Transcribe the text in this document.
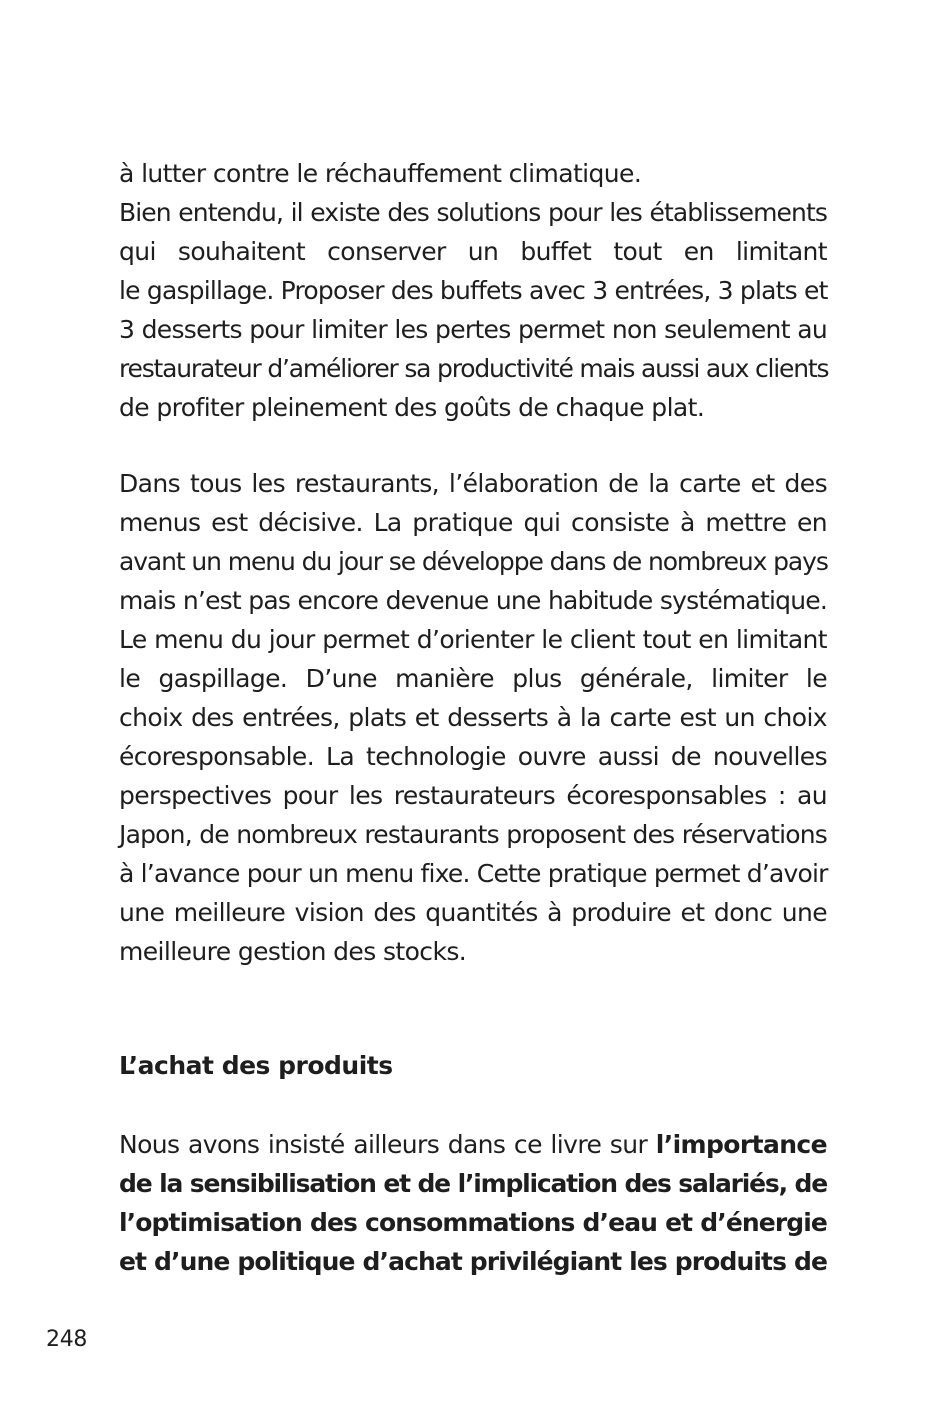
à lutter contre le réchauffement climatique.
Bien entendu, il existe des solutions pour les établissements
qui souhaitent conserver un buffet tout en limitant
le gaspillage. Proposer des buffets avec 3 entrées, 3 plats et
3 desserts pour limiter les pertes permet non seulement au
restaurateur d’améliorer sa productivité mais aussi aux clients
de profiter pleinement des goûts de chaque plat.
Dans tous les restaurants, l’élaboration de la carte et des
menus est décisive. La pratique qui consiste à mettre en
avant un menu du jour se développe dans de nombreux pays
mais n’est pas encore devenue une habitude systématique.
Le menu du jour permet d’orienter le client tout en limitant
le gaspillage. D’une manière plus générale, limiter le
choix des entrées, plats et desserts à la carte est un choix
écoresponsable. La technologie ouvre aussi de nouvelles
perspectives pour les restaurateurs écoresponsables : au
Japon, de nombreux restaurants proposent des réservations
à l’avance pour un menu fixe. Cette pratique permet d’avoir
une meilleure vision des quantités à produire et donc une
meilleure gestion des stocks.
L’achat des produits
Nous avons insisté ailleurs dans ce livre sur l’importance
de la sensibilisation et de l’implication des salariés, de
l’optimisation des consommations d’eau et d’énergie
et d’une politique d’achat privilégiant les produits de
248
